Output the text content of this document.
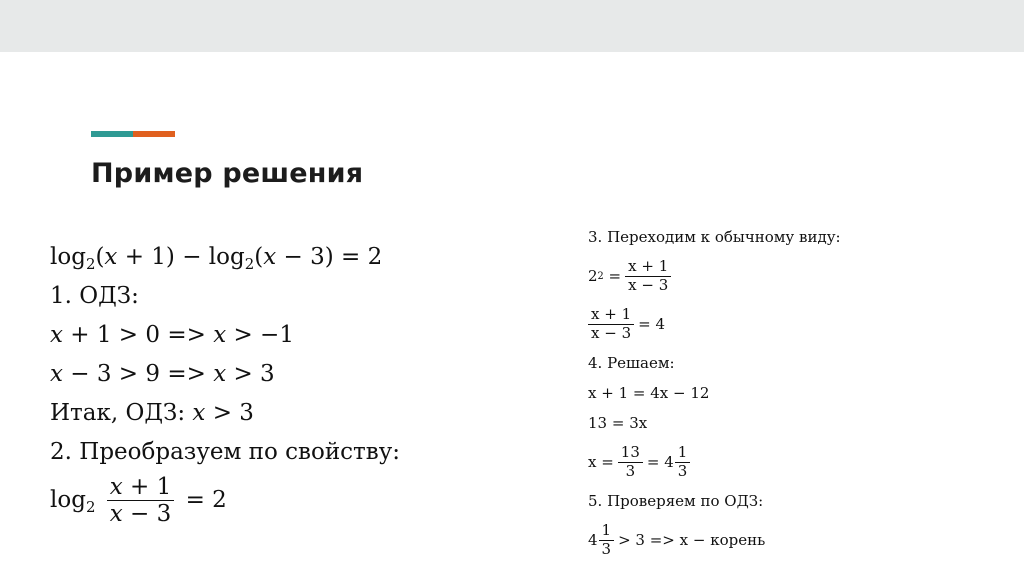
Пример решения
$\log_2(𝑥 + 1)$ − $\log_2(𝑥 - 3) = 2$
1. ОДЗ:
𝑥 + 1 > 0 => 𝑥 > −1
𝑥 − 3 > 9 => 𝑥 > 3
Итак, ОДЗ: 𝑥 > 3
2. Преобразуем по свойству:
$\log_2 \frac{\text{𝑥 + 1}}{\text{𝑥 − 3}} = 2$
3. Переходим к обычному виду:
2 2
= $\frac{x + 1}{x - 3}$
$\frac{x + 1}{x - 3} = 4$
4. Решаем:
x + 1 = 4x − 12
13 = 3x
$x = \frac{13}{3} = 4 \frac{1}{3}$
5. Проверяем по ОДЗ:
$4 \frac{1}{3} > 3 => x$ − корень
